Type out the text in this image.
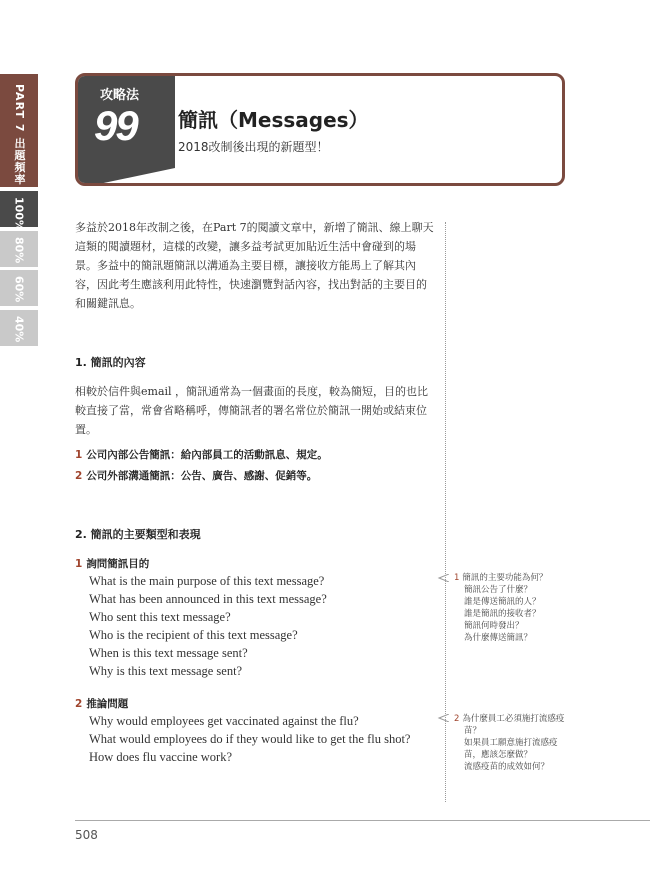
PART 7 出題頻率
100%
80%
60%
40%
攻略法
99 簡訊（Messages）
2018改制後出現的新題型！
多益於2018年改制之後，在Part 7的閱讀文章中，新增了簡訊、線上聊天這類的閱讀題材，這樣的改變，讓多益考試更加貼近生活中會碰到的場景。多益中的簡訊題簡訊以溝通為主要目標，讓接收方能馬上了解其內容，因此考生應該利用此特性，快速瀏覽對話內容，找出對話的主要目的和關鍵訊息。
1. 簡訊的內容
相較於信件與email ，簡訊通常為一個畫面的長度，較為簡短，目的也比較直接了當，常會省略稱呼，傳簡訊者的署名常位於簡訊一開始或結束位置。
1 公司內部公告簡訊：給內部員工的活動訊息、規定。
2 公司外部溝通簡訊：公告、廣告、感謝、促銷等。
2. 簡訊的主要類型和表現
1 詢問簡訊目的
What is the main purpose of this text message?
What has been announced in this text message?
Who sent this text message?
Who is the recipient of this text message?
When is this text message sent?
Why is this text message sent?
2 推論問題
Why would employees get vaccinated against the flu?
What would employees do if they would like to get the flu shot?
How does flu vaccine work?
1 簡訊的主要功能為何？
簡訊公告了什麼？
誰是傳送簡訊的人？
誰是簡訊的接收者？
簡訊何時發出？
為什麼傳送簡訊？
2 為什麼員工必須施打流感疫
苗？
如果員工願意施打流感疫
苗，應該怎麼做？
流感疫苗的成效如何？
508
